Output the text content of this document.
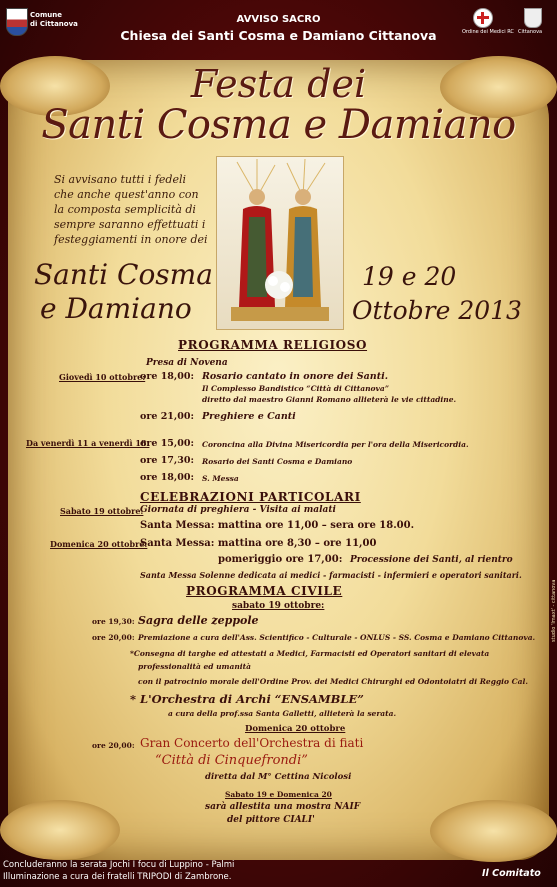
Comune
di Cittanova	AVVISO SACRO
Chiesa dei Santi Cosma e Damiano Cittanova	Ordine dei Medici RC Cittanova
Festa dei
Santi Cosma e Damiano
Si avvisano tutti i fedeli
che anche quest'anno con
la composta semplicità di
sempre saranno effettuati i
festeggiamenti in onore dei
Santi Cosma
e Damiano
19 e 20
Ottobre 2013
PROGRAMMA RELIGIOSO
Presa di Novena
Giovedì 10 ottobre:
ore 18,00: Rosario cantato in onore dei Santi.
Il Complesso Bandistico “Città di Cittanova”
diretto dal maestro Gianni Romano allieterà le vie cittadine.
ore 21,00: Preghiere e Canti
Da venerdì 11 a venerdì 18:
ore 15,00: Coroncina alla Divina Misericordia per l'ora della Misericordia.
ore 17,30: Rosario dei Santi Cosma e Damiano
ore 18,00: S. Messa
CELEBRAZIONI PARTICOLARI
Sabato 19 ottobre:
Giornata di preghiera - Visita ai malati
Santa Messa: mattina ore 11,00 – sera ore 18.00.
Domenica 20 ottobre:
Santa Messa: mattina ore 8,30 – ore 11,00
pomeriggio ore 17,00: Processione dei Santi, al rientro
Santa Messa Solenne dedicata ai medici - farmacisti - infermieri e operatori sanitari.
PROGRAMMA CIVILE
sabato 19 ottobre:
ore 19,30: Sagra delle zeppole
ore 20,00: Premiazione a cura dell'Ass. Scientifico - Culturale - ONLUS - SS. Cosma e Damiano Cittanova.
*Consegna di targhe ed attestati a Medici, Farmacisti ed Operatori sanitari di elevata
professionalità ed umanità
con il patrocinio morale dell'Ordine Prov. dei Medici Chirurghi ed Odontoiatri di Reggio Cal.
* L'Orchestra di Archi “ENSAMBLE”
a cura della prof.ssa Santa Galletti, allieterà la serata.
Domenica 20 ottobre
ore 20,00: Gran Concerto dell'Orchestra di fiati
“Città di Cinquefrondi”
diretta dal M° Cettina Nicolosi
Sabato 19 e Domenica 20
sarà allestita una mostra NAIF
del pittore CIALI'
studio 'Imaxt' - cittanova
Concluderanno la serata Jochi I focu di Luppino - Palmi
Illuminazione a cura dei fratelli TRIPODI di Zambrone.	Il Comitato
